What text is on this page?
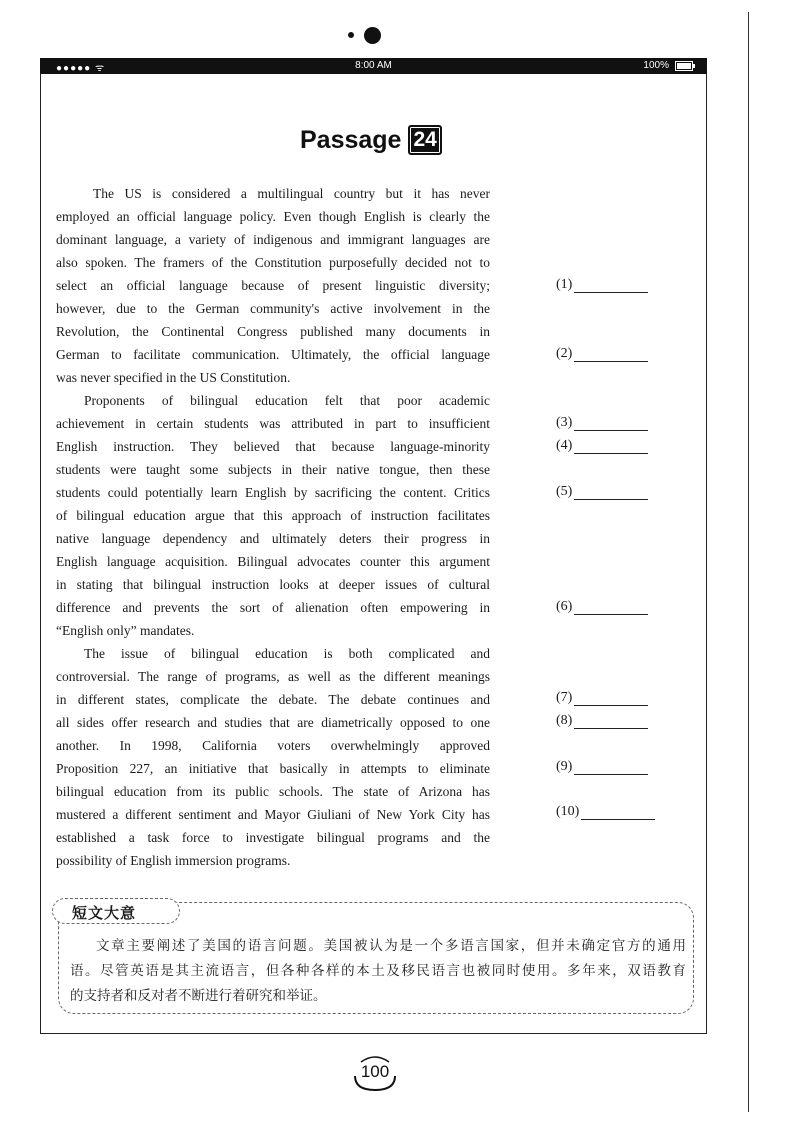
●●●●● ᯤ	8:00 AM	100%
Passage 24
The US is considered a multilingual country but it has never
employed an official language policy. Even though English is clearly the
dominant language, a variety of indigenous and immigrant languages are
also spoken. The framers of the Constitution purposefully decided not to
select an official language because of present linguistic diversity;
however, due to the German community's active involvement in the
Revolution, the Continental Congress published many documents in
German to facilitate communication. Ultimately, the official language
was never specified in the US Constitution.
Proponents of bilingual education felt that poor academic
achievement in certain students was attributed in part to insufficient
English instruction. They believed that because language-minority
students were taught some subjects in their native tongue, then these
students could potentially learn English by sacrificing the content. Critics
of bilingual education argue that this approach of instruction facilitates
native language dependency and ultimately deters their progress in
English language acquisition. Bilingual advocates counter this argument
in stating that bilingual instruction looks at deeper issues of cultural
difference and prevents the sort of alienation often empowering in
“English only” mandates.
The issue of bilingual education is both complicated and
controversial. The range of programs, as well as the different meanings
in different states, complicate the debate. The debate continues and
all sides offer research and studies that are diametrically opposed to one
another. In 1998, California voters overwhelmingly approved
Proposition 227, an initiative that basically in attempts to eliminate
bilingual education from its public schools. The state of Arizona has
mustered a different sentiment and Mayor Giuliani of New York City has
established a task force to investigate bilingual programs and the
possibility of English immersion programs.
(1)
(2)
(3)
(4)
(5)
(6)
(7)
(8)
(9)
(10)
短文大意
文章主要阐述了美国的语言问题。美国被认为是一个多语言国家，但并未确定官方的通用
语。尽管英语是其主流语言，但各种各样的本土及移民语言也被同时使用。多年来，双语教育
的支持者和反对者不断进行着研究和举证。
100
